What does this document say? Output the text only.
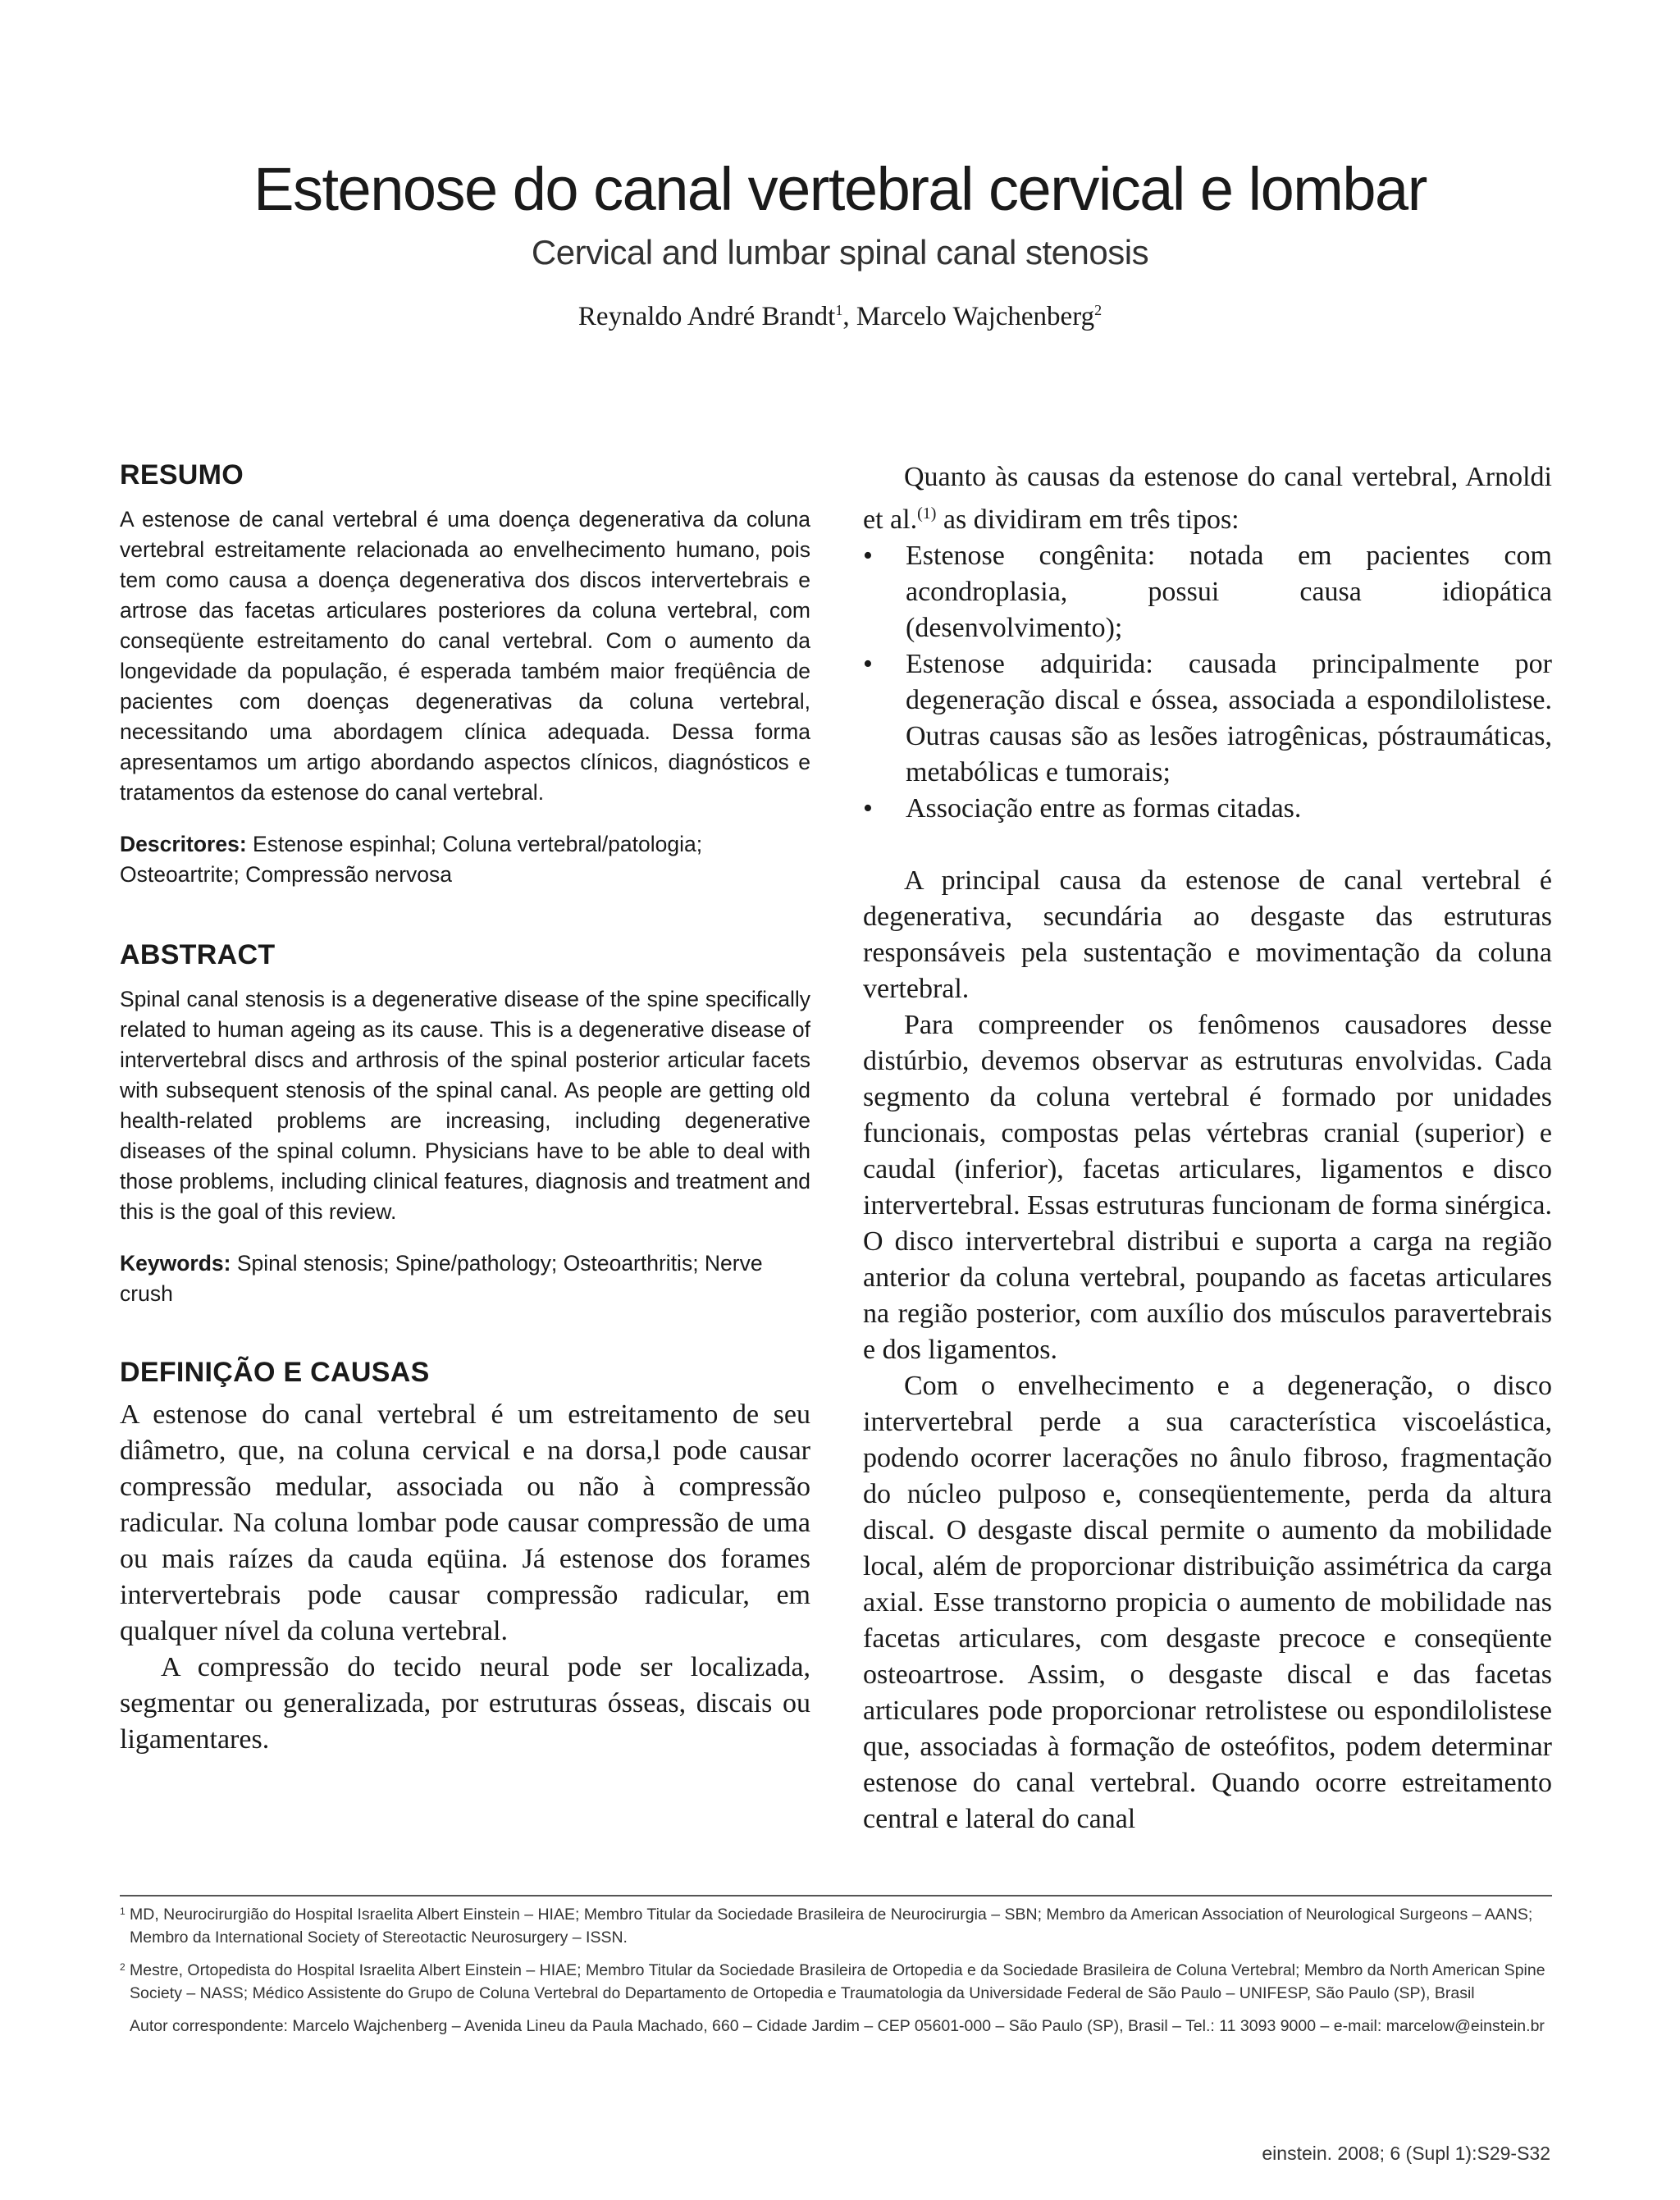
Estenose do canal vertebral cervical e lombar

Cervical and lumbar spinal canal stenosis

Reynaldo André Brandt$^1$, Marcelo Wajchenberg$^2$

RESUMO

A estenose de canal vertebral é uma doença degenerativa da coluna vertebral estreitamente relacionada ao envelhecimento humano, pois tem como causa a doença degenerativa dos discos intervertebrais e artrose das facetas articulares posteriores da coluna vertebral, com conseqüente estreitamento do canal vertebral. Com o aumento da longevidade da população, é esperada também maior freqüência de pacientes com doenças degenerativas da coluna vertebral, necessitando uma abordagem clínica adequada. Dessa forma apresentamos um artigo abordando aspectos clínicos, diagnósticos e tratamentos da estenose do canal vertebral.

Descritores: Estenose espinhal; Coluna vertebral/patologia; Osteoartrite; Compressão nervosa

ABSTRACT

Spinal canal stenosis is a degenerative disease of the spine specifically related to human ageing as its cause. This is a degenerative disease of intervertebral discs and arthrosis of the spinal posterior articular facets with subsequent stenosis of the spinal canal. As people are getting old health-related problems are increasing, including degenerative diseases of the spinal column. Physicians have to be able to deal with those problems, including clinical features, diagnosis and treatment and this is the goal of this review.

Keywords: Spinal stenosis; Spine/pathology; Osteoarthritis; Nerve crush

DEFINIÇÃO E CAUSAS

A estenose do canal vertebral é um estreitamento de seu diâmetro, que, na coluna cervical e na dorsa,l pode causar compressão medular, associada ou não à compressão radicular. Na coluna lombar pode causar compressão de uma ou mais raízes da cauda eqüina. Já estenose dos forames intervertebrais pode causar compressão radicular, em qualquer nível da coluna vertebral.

A compressão do tecido neural pode ser localizada, segmentar ou generalizada, por estruturas ósseas, discais ou ligamentares.

Quanto às causas da estenose do canal vertebral, Arnoldi et al.$^{(1)}$ as dividiram em três tipos:

• Estenose congênita: notada em pacientes com acondroplasia, possui causa idiopática (desenvolvimento);
• Estenose adquirida: causada principalmente por degeneração discal e óssea, associada a espondilolistese. Outras causas são as lesões iatrogênicas, póstraumáticas, metabólicas e tumorais;
• Associação entre as formas citadas.

A principal causa da estenose de canal vertebral é degenerativa, secundária ao desgaste das estruturas responsáveis pela sustentação e movimentação da coluna vertebral.

Para compreender os fenômenos causadores desse distúrbio, devemos observar as estruturas envolvidas. Cada segmento da coluna vertebral é formado por unidades funcionais, compostas pelas vértebras cranial (superior) e caudal (inferior), facetas articulares, ligamentos e disco intervertebral. Essas estruturas funcionam de forma sinérgica. O disco intervertebral distribui e suporta a carga na região anterior da coluna vertebral, poupando as facetas articulares na região posterior, com auxílio dos músculos paravertebrais e dos ligamentos.

Com o envelhecimento e a degeneração, o disco intervertebral perde a sua característica viscoelástica, podendo ocorrer lacerações no ânulo fibroso, fragmentação do núcleo pulposo e, conseqüentemente, perda da altura discal. O desgaste discal permite o aumento da mobilidade local, além de proporcionar distribuição assimétrica da carga axial. Esse transtorno propicia o aumento de mobilidade nas facetas articulares, com desgaste precoce e conseqüente osteoartrose. Assim, o desgaste discal e das facetas articulares pode proporcionar retrolistese ou espondilolistese que, associadas à formação de osteófitos, podem determinar estenose do canal vertebral. Quando ocorre estreitamento central e lateral do canal

1 MD, Neurocirurgião do Hospital Israelita Albert Einstein – HIAE; Membro Titular da Sociedade Brasileira de Neurocirurgia – SBN; Membro da American Association of Neurological Surgeons – AANS; Membro da International Society of Stereotactic Neurosurgery – ISSN.

2 Mestre, Ortopedista do Hospital Israelita Albert Einstein – HIAE; Membro Titular da Sociedade Brasileira de Ortopedia e da Sociedade Brasileira de Coluna Vertebral; Membro da North American Spine Society – NASS; Médico Assistente do Grupo de Coluna Vertebral do Departamento de Ortopedia e Traumatologia da Universidade Federal de São Paulo – UNIFESP, São Paulo (SP), Brasil

Autor correspondente: Marcelo Wajchenberg – Avenida Lineu da Paula Machado, 660 – Cidade Jardim – CEP 05601-000 – São Paulo (SP), Brasil – Tel.: 11 3093 9000 – e-mail: marcelow@einstein.br

einstein. 2008; 6 (Supl 1):S29-S32
